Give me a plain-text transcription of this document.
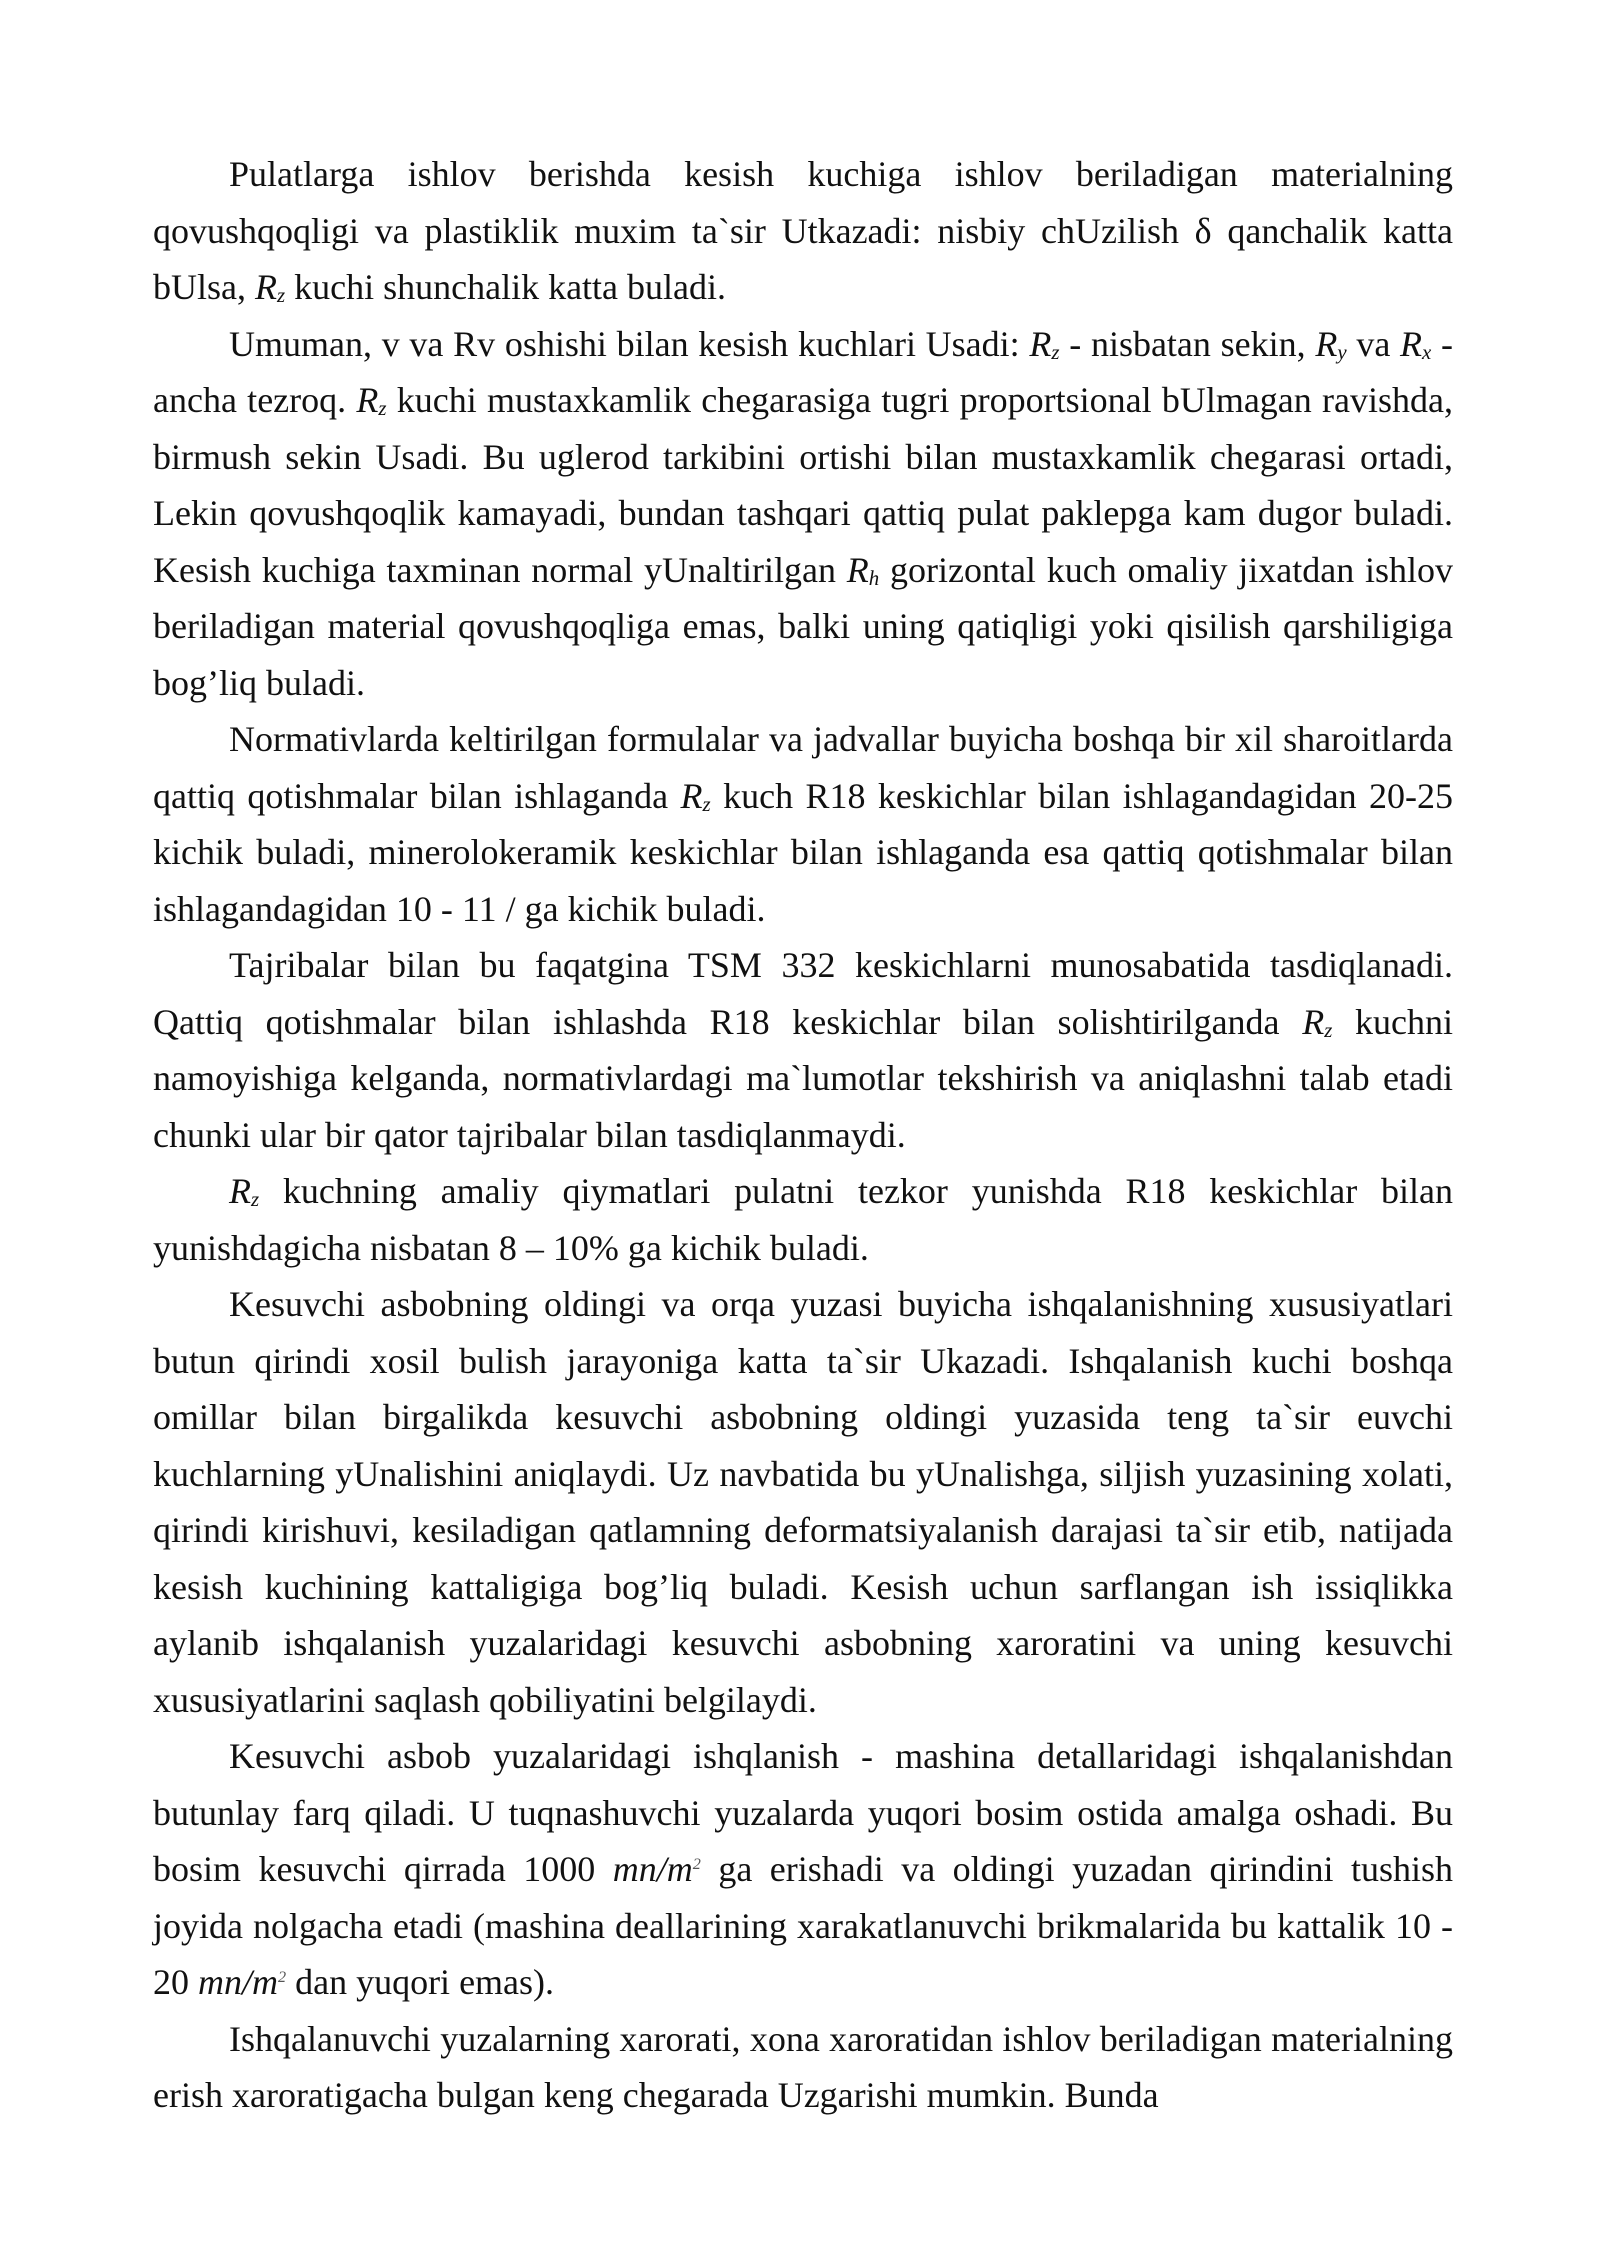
Pulatlarga ishlov berishda kesish kuchiga ishlov beriladigan materialning qovushqoqligi va plastiklik muxim ta`sir Utkazadi: nisbiy chUzilish δ qanchalik katta bUlsa, $R_z$ kuchi shunchalik katta buladi.

Umuman, v va Rv oshishi bilan kesish kuchlari Usadi: $R_z$ - nisbatan sekin, $R_y$ va $R_x$ -ancha tezroq. $R_z$ kuchi mustaxkamlik chegarasiga tugri proportsional bUlmagan ravishda, birmush sekin Usadi. Bu uglerod tarkibini ortishi bilan mustaxkamlik chegarasi ortadi, Lekin qovushqoqlik kamayadi, bundan tashqari qattiq pulat paklepga kam dugor buladi. Kesish kuchiga taxminan normal yUnaltirilgan $R_h$ gorizontal kuch omaliy jixatdan ishlov beriladigan material qovushqoqliga emas, balki uning qatiqligi yoki qisilish qarshiligiga bog’liq buladi.

Normativlarda keltirilgan formulalar va jadvallar buyicha boshqa bir xil sharoitlarda qattiq qotishmalar bilan ishlaganda $R_z$ kuch R18 keskichlar bilan ishlagandagidan 20-25 kichik buladi, minerolokeramik keskichlar bilan ishlaganda esa qattiq qotishmalar bilan ishlagandagidan 10 - 11 / ga kichik buladi.

Tajribalar bilan bu faqatgina TSM 332 keskichlarni munosabatida tasdiqlanadi. Qattiq qotishmalar bilan ishlashda R18 keskichlar bilan solishtirilganda $R_z$ kuchni namoyishiga kelganda, normativlardagi ma`lumotlar tekshirish va aniqlashni talab etadi chunki ular bir qator tajribalar bilan tasdiqlanmaydi.

$R_z$ kuchning amaliy qiymatlari pulatni tezkor yunishda R18 keskichlar bilan yunishdagicha nisbatan 8 – 10% ga kichik buladi.

Kesuvchi asbobning oldingi va orqa yuzasi buyicha ishqalanishning xususiyatlari butun qirindi xosil bulish jarayoniga katta ta`sir Ukazadi. Ishqalanish kuchi boshqa omillar bilan birgalikda kesuvchi asbobning oldingi yuzasida teng ta`sir euvchi kuchlarning yUnalishini aniqlaydi. Uz navbatida bu yUnalishga, siljish yuzasining xolati, qirindi kirishuvi, kesiladigan qatlamning deformatsiyalanish darajasi ta`sir etib, natijada kesish kuchining kattaligiga bog’liq buladi. Kesish uchun sarflangan ish issiqlikka aylanib ishqalanish yuzalaridagi kesuvchi asbobning xaroratini va uning kesuvchi xususiyatlarini saqlash qobiliyatini belgilaydi.

Kesuvchi asbob yuzalaridagi ishqlanish - mashina detallaridagi ishqalanishdan butunlay farq qiladi. U tuqnashuvchi yuzalarda yuqori bosim ostida amalga oshadi. Bu bosim kesuvchi qirrada 1000 $mn/m^2$ ga erishadi va oldingi yuzadan qirindini tushish joyida nolgacha etadi (mashina deallarining xarakatlanuvchi brikmalarida bu kattalik 10 - 20 $mn/m^2$ dan yuqori emas).

Ishqalanuvchi yuzalarning xarorati, xona xaroratidan ishlov beriladigan materialning erish xaroratigacha bulgan keng chegarada Uzgarishi mumkin. Bunda
